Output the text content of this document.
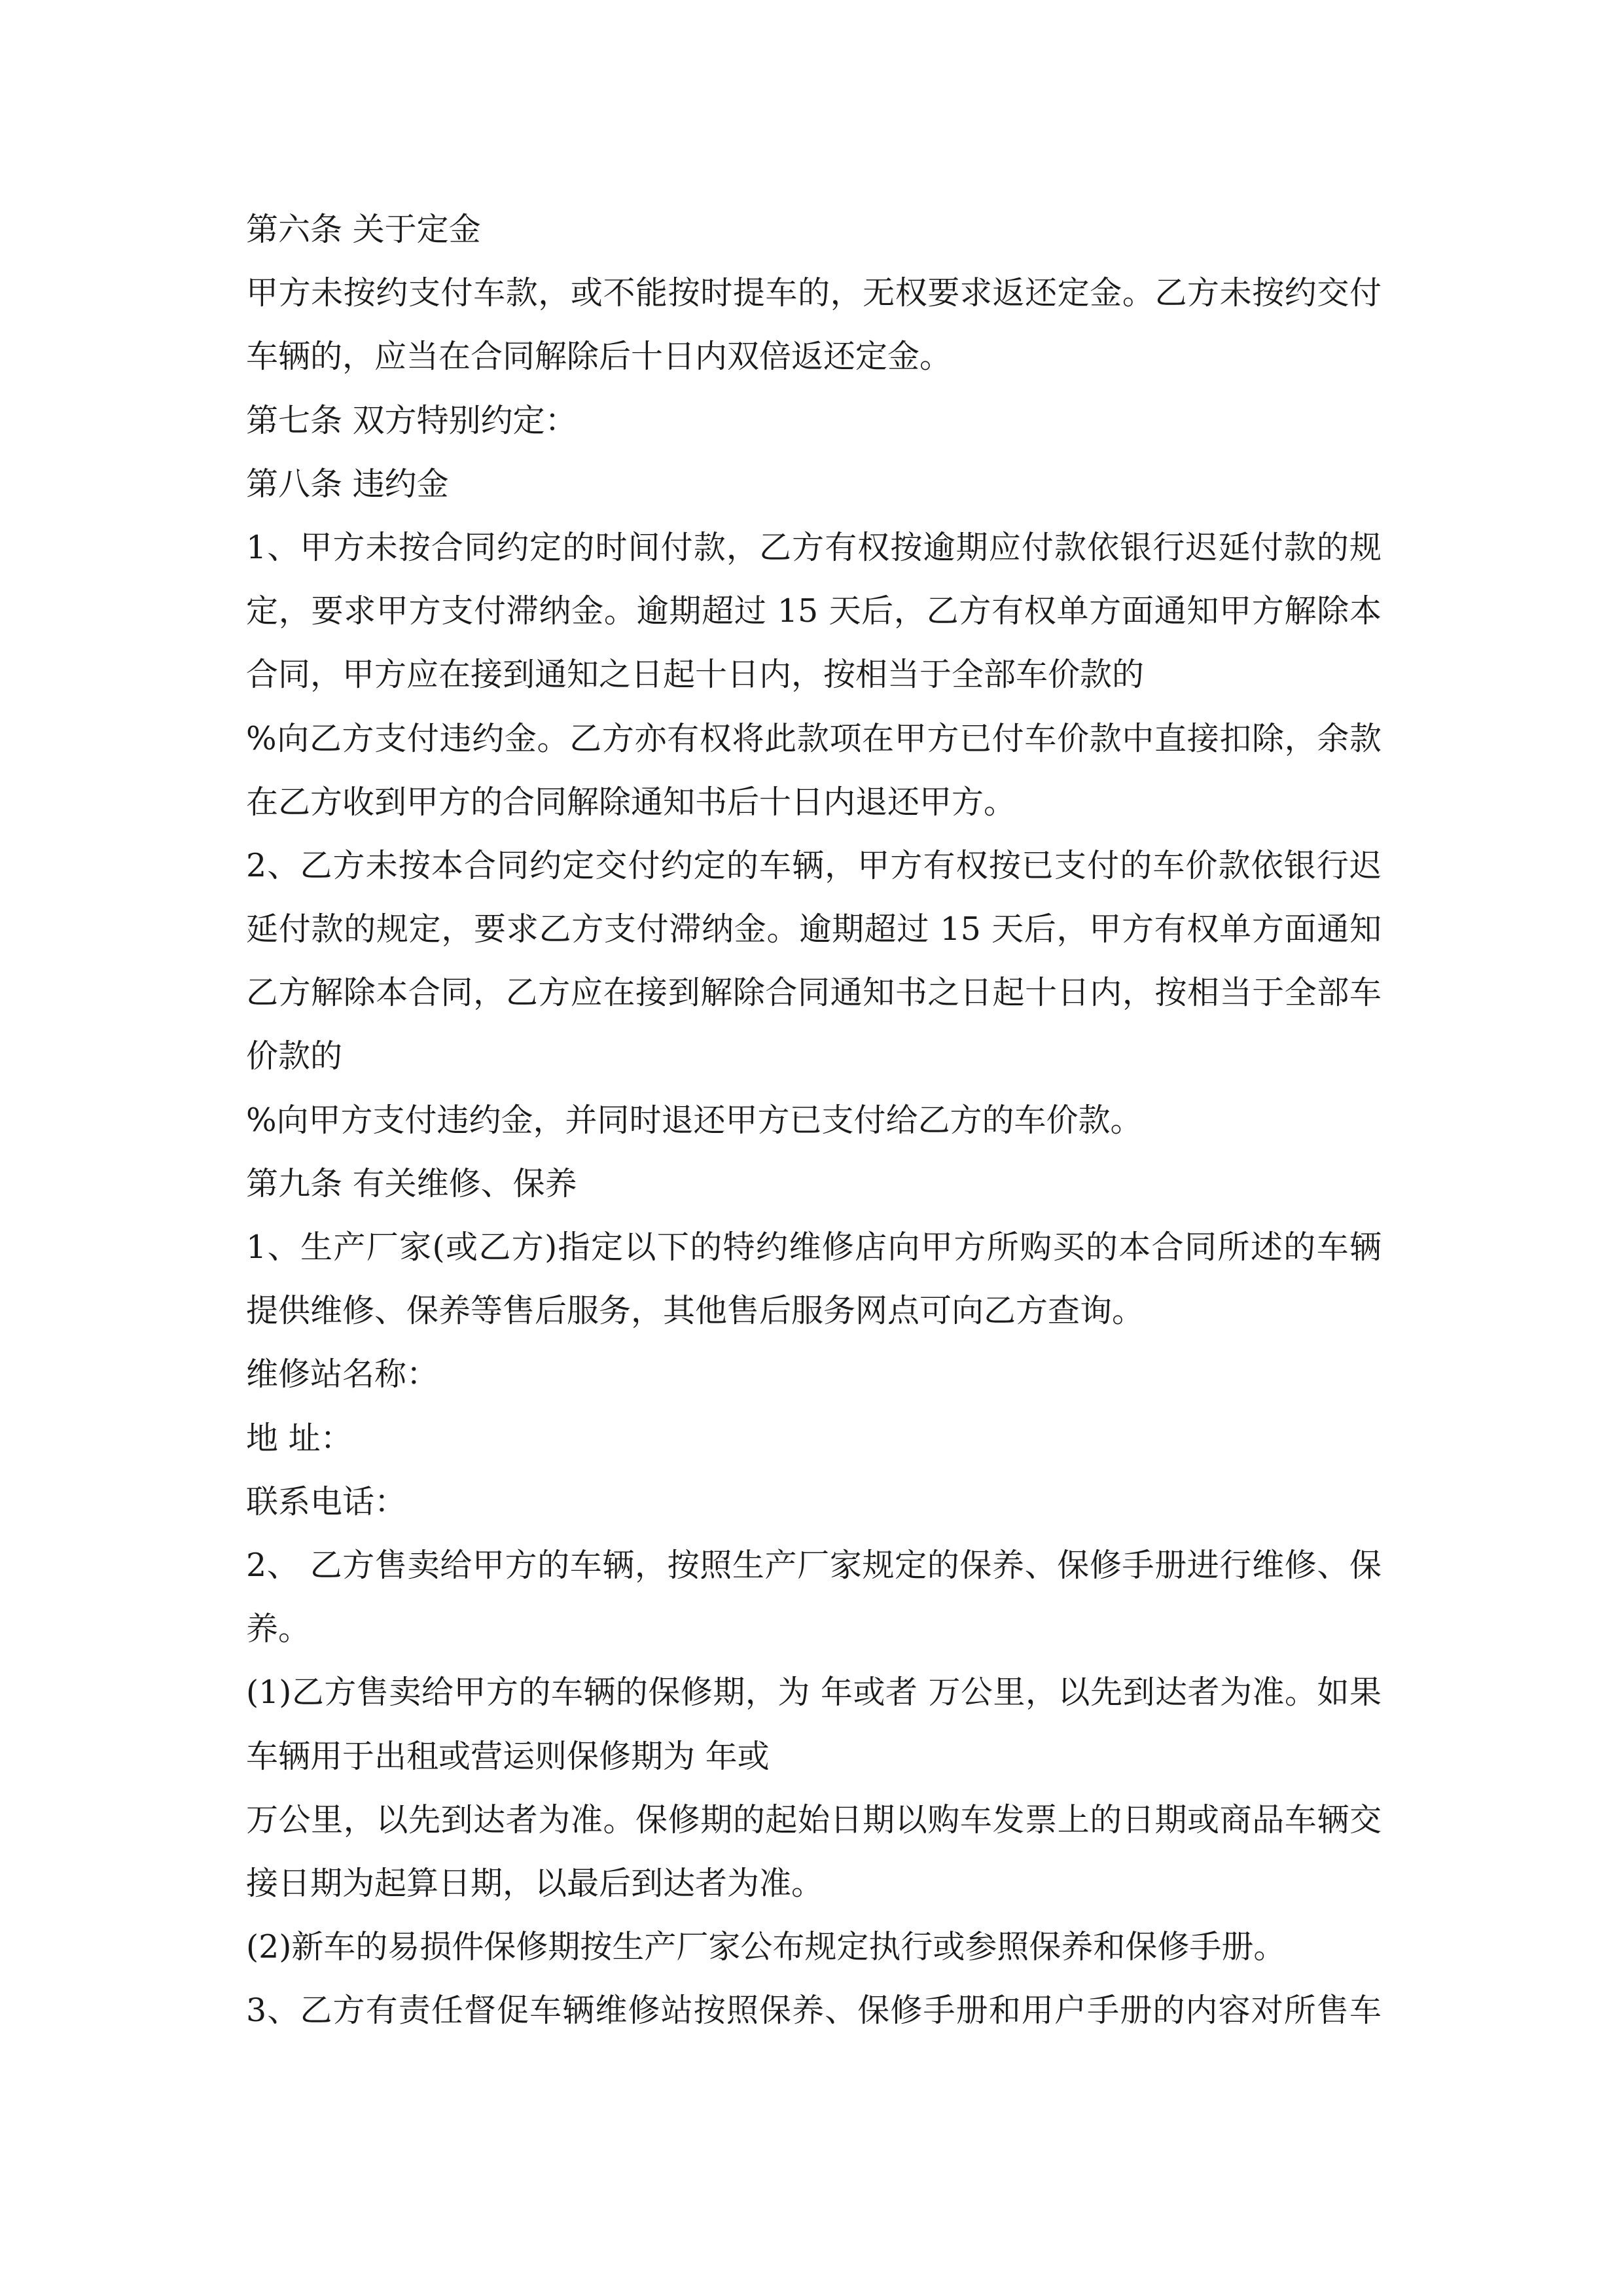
第六条 关于定金
甲方未按约支付车款，或不能按时提车的，无权要求返还定金。乙方未按约交付
车辆的，应当在合同解除后十日内双倍返还定金。
第七条 双方特别约定：
第八条 违约金
1、甲方未按合同约定的时间付款，乙方有权按逾期应付款依银行迟延付款的规
定，要求甲方支付滞纳金。逾期超过 15 天后，乙方有权单方面通知甲方解除本
合同，甲方应在接到通知之日起十日内，按相当于全部车价款的
%向乙方支付违约金。乙方亦有权将此款项在甲方已付车价款中直接扣除，余款
在乙方收到甲方的合同解除通知书后十日内退还甲方。
2、乙方未按本合同约定交付约定的车辆，甲方有权按已支付的车价款依银行迟
延付款的规定，要求乙方支付滞纳金。逾期超过 15 天后，甲方有权单方面通知
乙方解除本合同，乙方应在接到解除合同通知书之日起十日内，按相当于全部车
价款的
%向甲方支付违约金，并同时退还甲方已支付给乙方的车价款。
第九条 有关维修、保养
1、生产厂家(或乙方)指定以下的特约维修店向甲方所购买的本合同所述的车辆
提供维修、保养等售后服务，其他售后服务网点可向乙方查询。
维修站名称：
地 址：
联系电话：
2、 乙方售卖给甲方的车辆，按照生产厂家规定的保养、保修手册进行维修、保
养。
(1)乙方售卖给甲方的车辆的保修期，为 年或者 万公里，以先到达者为准。如果
车辆用于出租或营运则保修期为 年或
万公里，以先到达者为准。保修期的起始日期以购车发票上的日期或商品车辆交
接日期为起算日期，以最后到达者为准。
(2)新车的易损件保修期按生产厂家公布规定执行或参照保养和保修手册。
3、乙方有责任督促车辆维修站按照保养、保修手册和用户手册的内容对所售车
